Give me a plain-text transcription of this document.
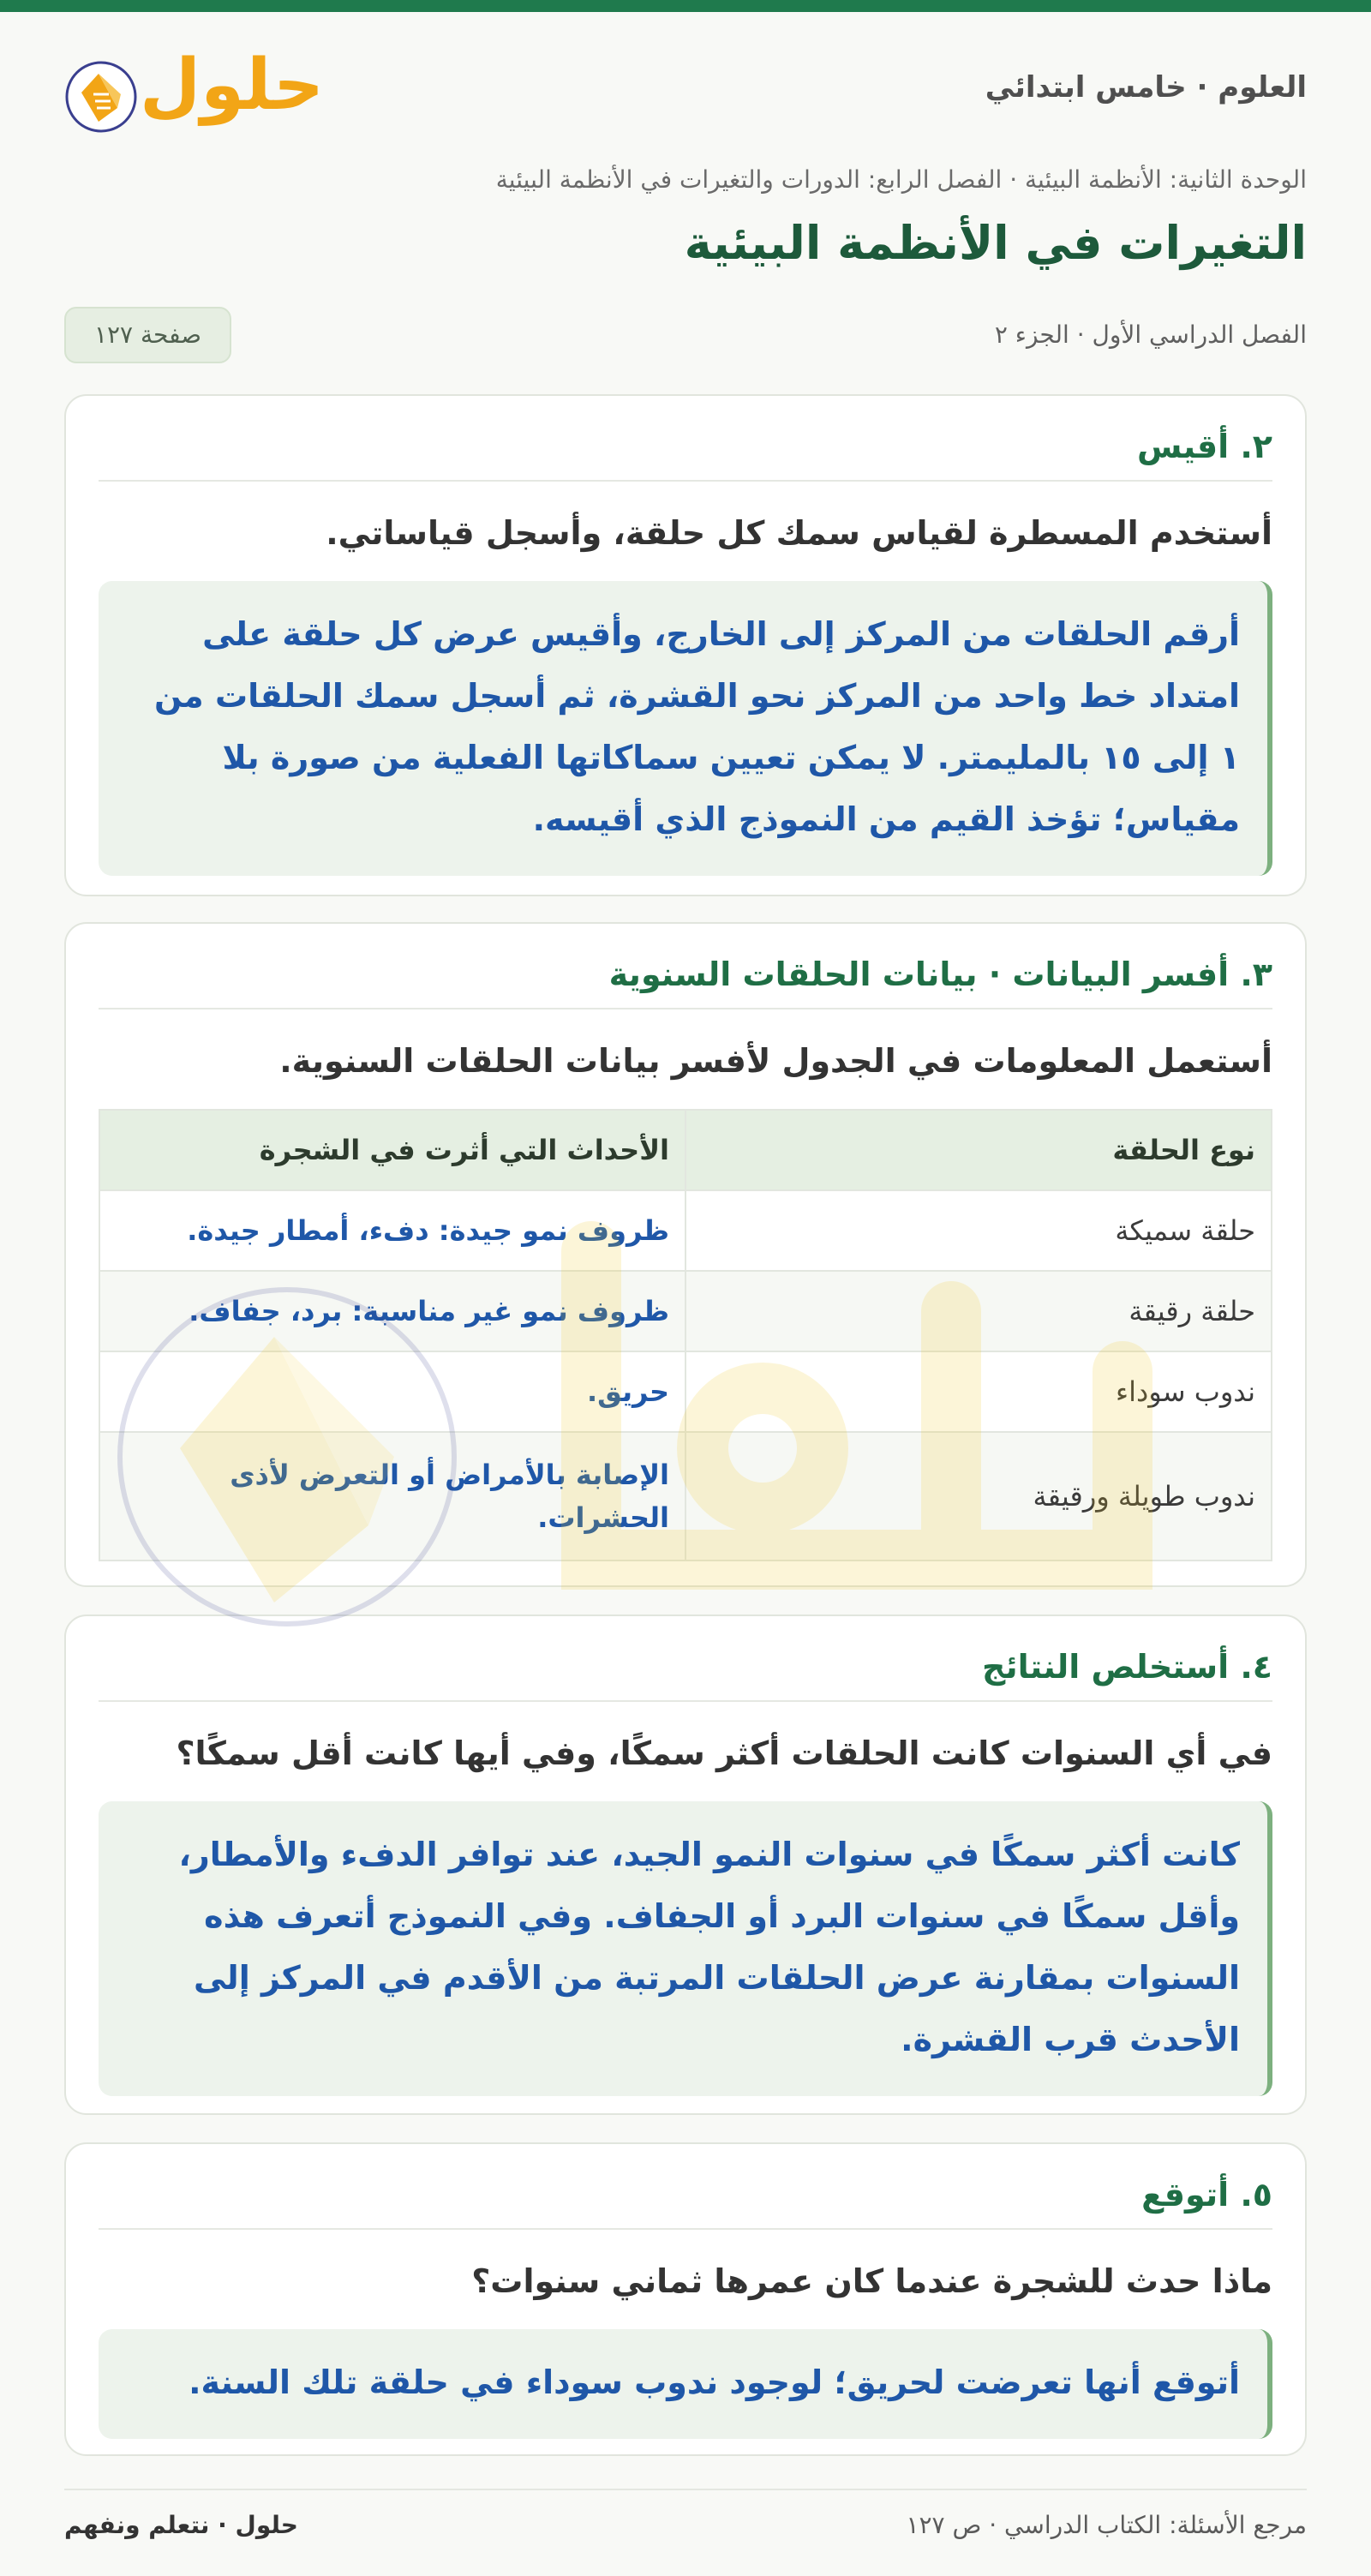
العلوم · خامس ابتدائي
حلول
الوحدة الثانية: الأنظمة البيئية · الفصل الرابع: الدورات والتغيرات في الأنظمة البيئية
التغيرات في الأنظمة البيئية
الفصل الدراسي الأول · الجزء ٢
صفحة ١٢٧
٢. أقيس
أستخدم المسطرة لقياس سمك كل حلقة، وأسجل قياساتي.
أرقم الحلقات من المركز إلى الخارج، وأقيس عرض كل حلقة على امتداد خط واحد من المركز نحو القشرة، ثم أسجل سمك الحلقات من ١ إلى ١٥ بالمليمتر. لا يمكن تعيين سماكاتها الفعلية من صورة بلا مقياس؛ تؤخذ القيم من النموذج الذي أقيسه.
٣. أفسر البيانات · بيانات الحلقات السنوية
أستعمل المعلومات في الجدول لأفسر بيانات الحلقات السنوية.
نوع الحلقة	الأحداث التي أثرت في الشجرة
حلقة سميكة	ظروف نمو جيدة: دفء، أمطار جيدة.
حلقة رقيقة	ظروف نمو غير مناسبة: برد، جفاف.
ندوب سوداء	حريق.
ندوب طويلة ورقيقة	الإصابة بالأمراض أو التعرض لأذى الحشرات.
٤. أستخلص النتائج
في أي السنوات كانت الحلقات أكثر سمكًا، وفي أيها كانت أقل سمكًا؟
كانت أكثر سمكًا في سنوات النمو الجيد، عند توافر الدفء والأمطار، وأقل سمكًا في سنوات البرد أو الجفاف. وفي النموذج أتعرف هذه السنوات بمقارنة عرض الحلقات المرتبة من الأقدم في المركز إلى الأحدث قرب القشرة.
٥. أتوقع
ماذا حدث للشجرة عندما كان عمرها ثماني سنوات؟
أتوقع أنها تعرضت لحريق؛ لوجود ندوب سوداء في حلقة تلك السنة.
مرجع الأسئلة: الكتاب الدراسي · ص ١٢٧
حلول · نتعلم ونفهم
